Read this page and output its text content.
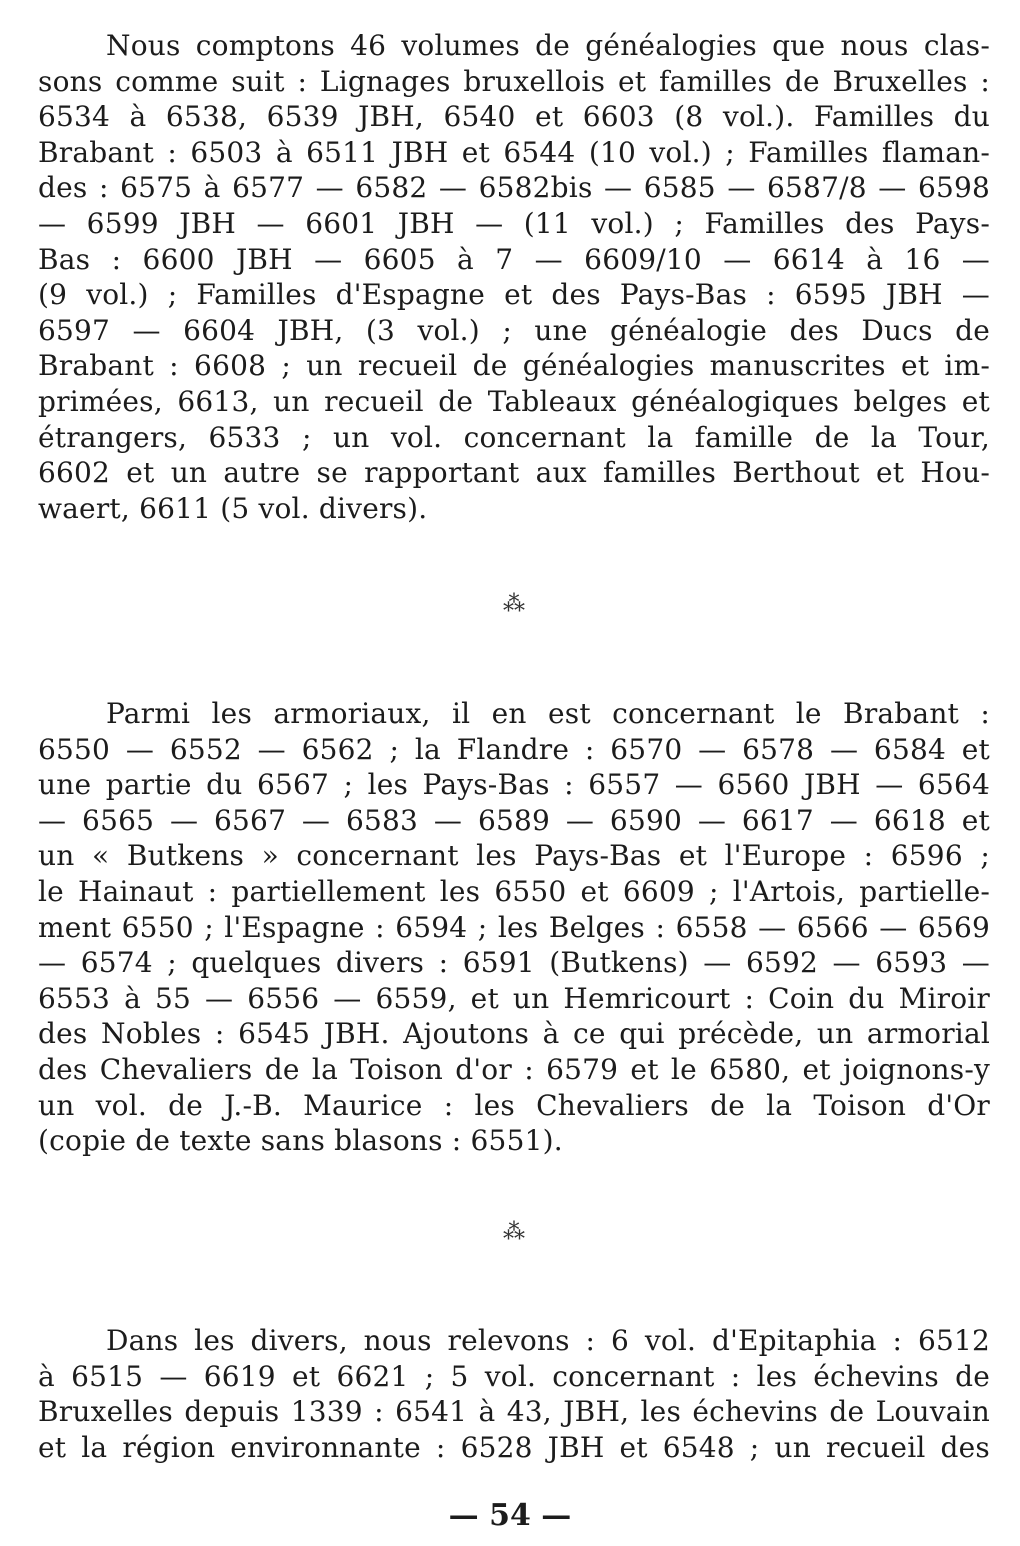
Nous comptons 46 volumes de généalogies que nous clas-
sons comme suit : Lignages bruxellois et familles de Bruxelles :
6534 à 6538, 6539 JBH, 6540 et 6603 (8 vol.). Familles du
Brabant : 6503 à 6511 JBH et 6544 (10 vol.) ; Familles flaman-
des : 6575 à 6577 — 6582 — 6582bis — 6585 — 6587/8 — 6598
— 6599 JBH — 6601 JBH — (11 vol.) ; Familles des Pays-
Bas : 6600 JBH — 6605 à 7 — 6609/10 — 6614 à 16 —
(9 vol.) ; Familles d'Espagne et des Pays-Bas : 6595 JBH —
6597 — 6604 JBH, (3 vol.) ; une généalogie des Ducs de
Brabant : 6608 ; un recueil de généalogies manuscrites et im-
primées, 6613, un recueil de Tableaux généalogiques belges et
étrangers, 6533 ; un vol. concernant la famille de la Tour,
6602 et un autre se rapportant aux familles Berthout et Hou-
waert, 6611 (5 vol. divers).
⁂
Parmi les armoriaux, il en est concernant le Brabant :
6550 — 6552 — 6562 ; la Flandre : 6570 — 6578 — 6584 et
une partie du 6567 ; les Pays-Bas : 6557 — 6560 JBH — 6564
— 6565 — 6567 — 6583 — 6589 — 6590 — 6617 — 6618 et
un « Butkens » concernant les Pays-Bas et l'Europe : 6596 ;
le Hainaut : partiellement les 6550 et 6609 ; l'Artois, partielle-
ment 6550 ; l'Espagne : 6594 ; les Belges : 6558 — 6566 — 6569
— 6574 ; quelques divers : 6591 (Butkens) — 6592 — 6593 —
6553 à 55 — 6556 — 6559, et un Hemricourt : Coin du Miroir
des Nobles : 6545 JBH. Ajoutons à ce qui précède, un armorial
des Chevaliers de la Toison d'or : 6579 et le 6580, et joignons-y
un vol. de J.-B. Maurice : les Chevaliers de la Toison d'Or
(copie de texte sans blasons : 6551).
⁂
Dans les divers, nous relevons : 6 vol. d'Epitaphia : 6512
à 6515 — 6619 et 6621 ; 5 vol. concernant : les échevins de
Bruxelles depuis 1339 : 6541 à 43, JBH, les échevins de Louvain
et la région environnante : 6528 JBH et 6548 ; un recueil des
— 54 —
